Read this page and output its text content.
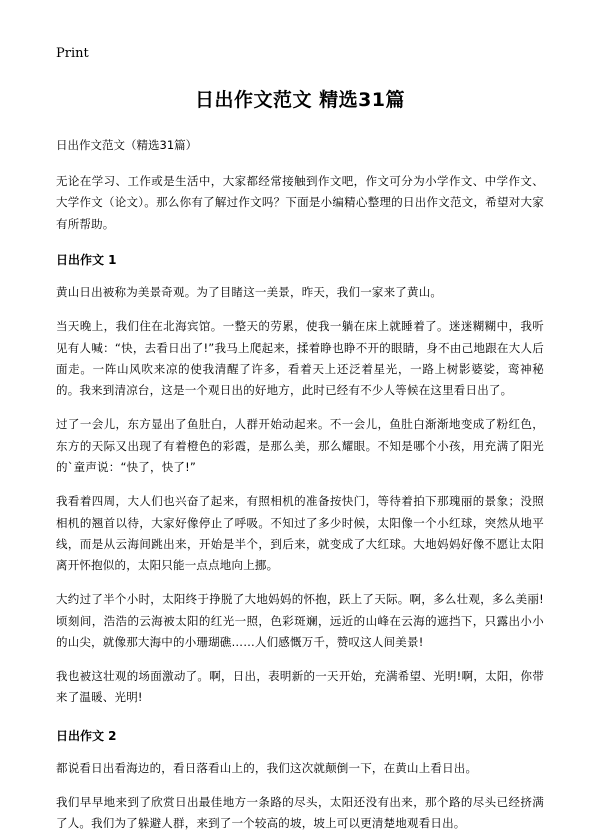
Print
日出作文范文 精选31篇

日出作文范文（精选31篇）

无论在学习、工作或是生活中，大家都经常接触到作文吧，作文可分为小学作文、中学作文、大学作文（论文）。那么你有了解过作文吗？下面是小编精心整理的日出作文范文，希望对大家有所帮助。

日出作文 1

黄山日出被称为美景奇观。为了目睹这一美景，昨天，我们一家来了黄山。

当天晚上，我们住在北海宾馆。一整天的劳累，使我一躺在床上就睡着了。迷迷糊糊中，我听见有人喊：“快，去看日出了!”我马上爬起来，揉着睁也睁不开的眼睛，身不由己地跟在大人后面走。一阵山风吹来凉的使我清醒了许多，看着天上还泛着星光，一路上树影婆娑，鸾神秘的。我来到清凉台，这是一个观日出的好地方，此时已经有不少人等候在这里看日出了。

过了一会儿，东方显出了鱼肚白，人群开始动起来。不一会儿，鱼肚白渐渐地变成了粉红色，东方的天际又出现了有着橙色的彩霞，是那么美，那么耀眼。不知是哪个小孩，用充满了阳光的`童声说：“快了，快了!”

我看着四周，大人们也兴奋了起来，有照相机的准备按快门，等待着拍下那瑰丽的景象；没照相机的翘首以待，大家好像停止了呼吸。不知过了多少时候，太阳像一个小红球，突然从地平线，而是从云海间跳出来，开始是半个，到后来，就变成了大红球。大地妈妈好像不愿让太阳离开怀抱似的，太阳只能一点点地向上挪。

大约过了半个小时，太阳终于挣脱了大地妈妈的怀抱，跃上了天际。啊，多么壮观，多么美丽!顷刻间，浩浩的云海被太阳的红光一照，色彩斑斓，远近的山峰在云海的遮挡下，只露出小小的山尖，就像那大海中的小珊瑚礁……人们感慨万千，赞叹这人间美景!

我也被这壮观的场面激动了。啊，日出，表明新的一天开始，充满希望、光明!啊，太阳，你带来了温暖、光明!

日出作文 2

都说看日出看海边的，看日落看山上的，我们这次就颠倒一下，在黄山上看日出。

我们早早地来到了欣赏日出最佳地方一条路的尽头，太阳还没有出来，那个路的尽头已经挤满了人。我们为了躲避人群，来到了一个较高的坡，坡上可以更清楚地观看日出。
